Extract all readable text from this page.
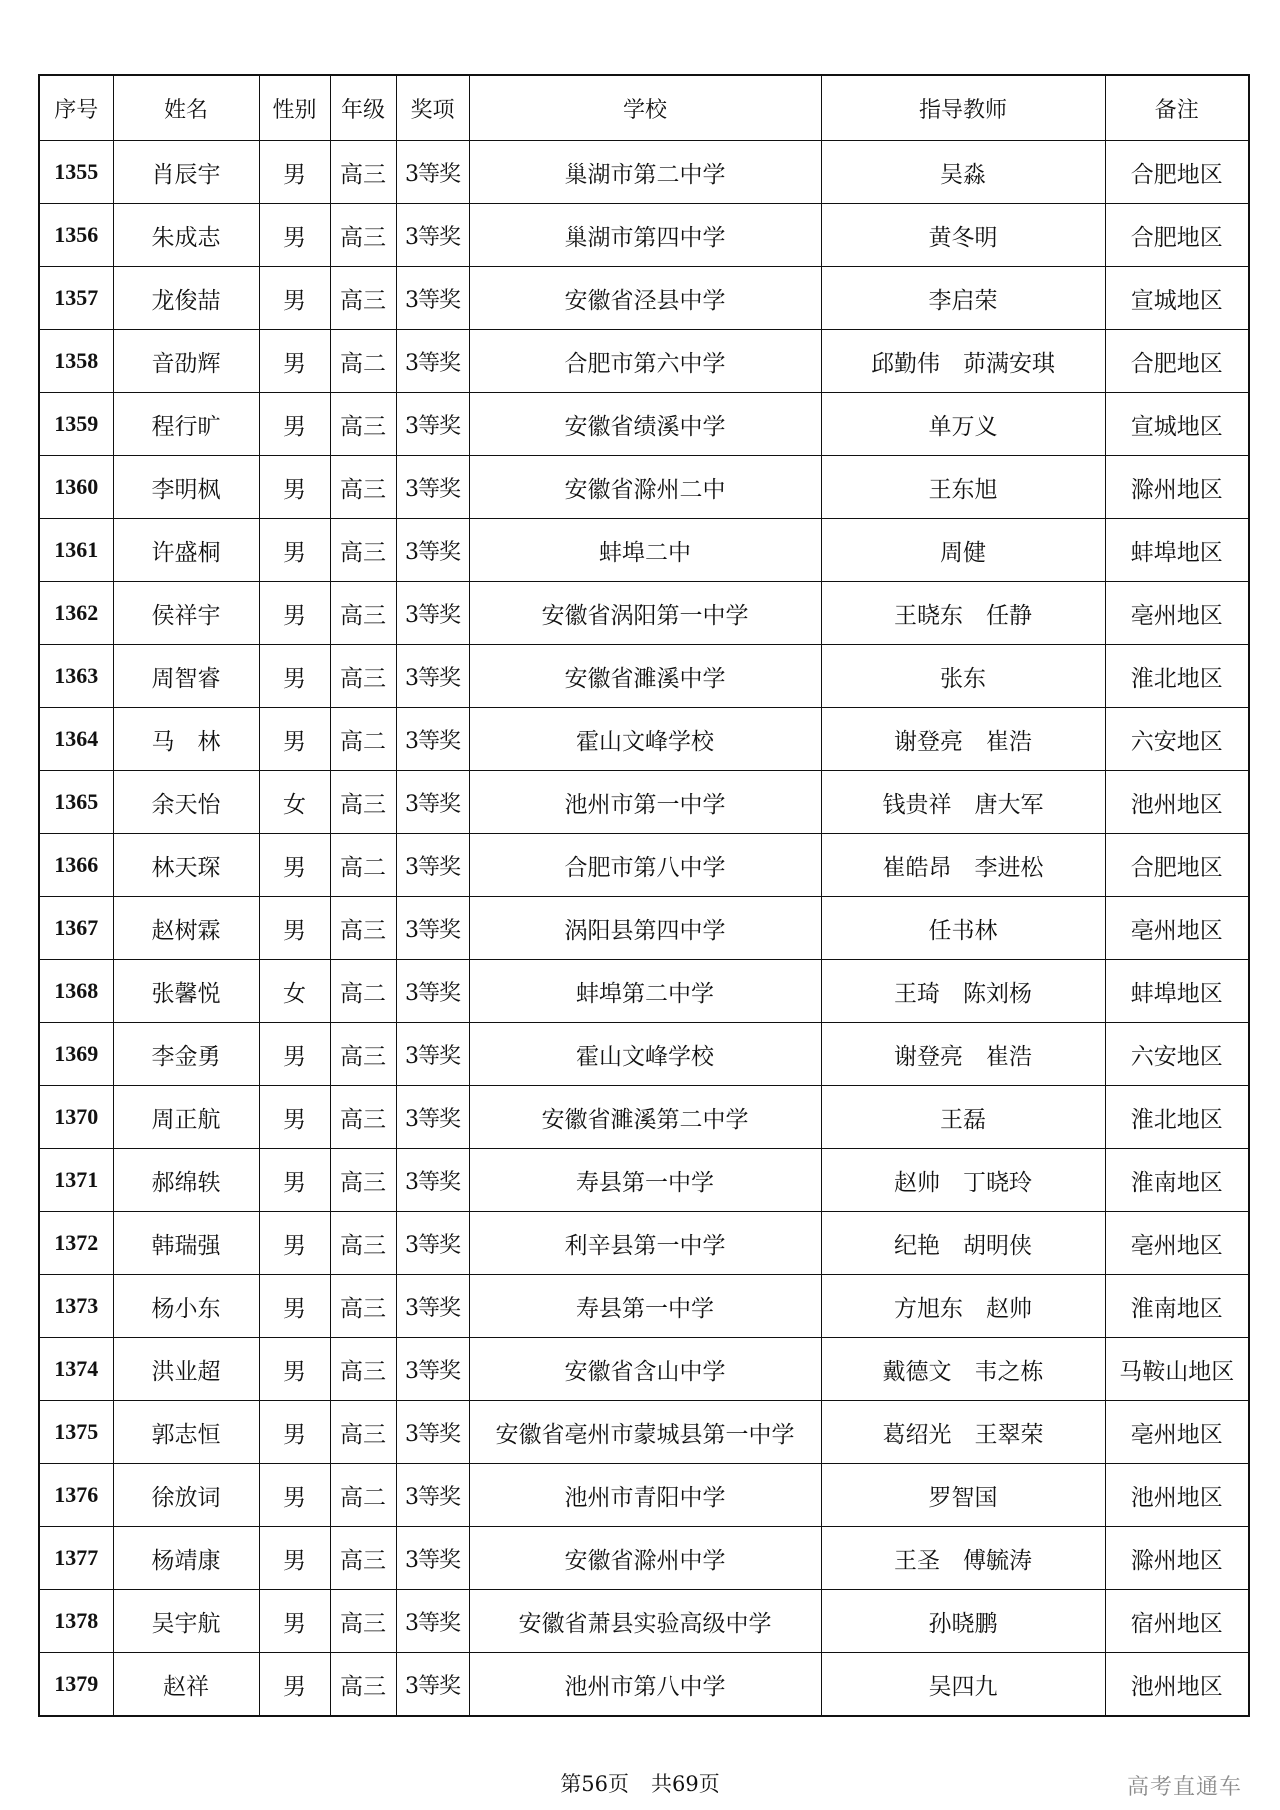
序号	姓名	性别	年级	奖项	学校	指导教师	备注
1355	肖辰宇	男	高三	3等奖	巢湖市第二中学	吴淼	合肥地区
1356	朱成志	男	高三	3等奖	巢湖市第四中学	黄冬明	合肥地区
1357	龙俊喆	男	高三	3等奖	安徽省泾县中学	李启荣	宣城地区
1358	音劭辉	男	高二	3等奖	合肥市第六中学	邱勤伟　茆满安琪	合肥地区
1359	程行旷	男	高三	3等奖	安徽省绩溪中学	单万义	宣城地区
1360	李明枫	男	高三	3等奖	安徽省滁州二中	王东旭	滁州地区
1361	许盛桐	男	高三	3等奖	蚌埠二中	周健	蚌埠地区
1362	侯祥宇	男	高三	3等奖	安徽省涡阳第一中学	王晓东　任静	亳州地区
1363	周智睿	男	高三	3等奖	安徽省濉溪中学	张东	淮北地区
1364	马　林	男	高二	3等奖	霍山文峰学校	谢登亮　崔浩	六安地区
1365	余天怡	女	高三	3等奖	池州市第一中学	钱贵祥　唐大军	池州地区
1366	林天琛	男	高二	3等奖	合肥市第八中学	崔皓昂　李进松	合肥地区
1367	赵树霖	男	高三	3等奖	涡阳县第四中学	任书林	亳州地区
1368	张馨悦	女	高二	3等奖	蚌埠第二中学	王琦　陈刘杨	蚌埠地区
1369	李金勇	男	高三	3等奖	霍山文峰学校	谢登亮　崔浩	六安地区
1370	周正航	男	高三	3等奖	安徽省濉溪第二中学	王磊	淮北地区
1371	郝绵轶	男	高三	3等奖	寿县第一中学	赵帅　丁晓玲	淮南地区
1372	韩瑞强	男	高三	3等奖	利辛县第一中学	纪艳　胡明侠	亳州地区
1373	杨小东	男	高三	3等奖	寿县第一中学	方旭东　赵帅	淮南地区
1374	洪业超	男	高三	3等奖	安徽省含山中学	戴德文　韦之栋	马鞍山地区
1375	郭志恒	男	高三	3等奖	安徽省亳州市蒙城县第一中学	葛绍光　王翠荣	亳州地区
1376	徐放词	男	高二	3等奖	池州市青阳中学	罗智国	池州地区
1377	杨靖康	男	高三	3等奖	安徽省滁州中学	王圣　傅毓涛	滁州地区
1378	吴宇航	男	高三	3等奖	安徽省萧县实验高级中学	孙晓鹏	宿州地区
1379	赵祥	男	高三	3等奖	池州市第八中学	吴四九	池州地区
第56页 共69页	高考直通车
